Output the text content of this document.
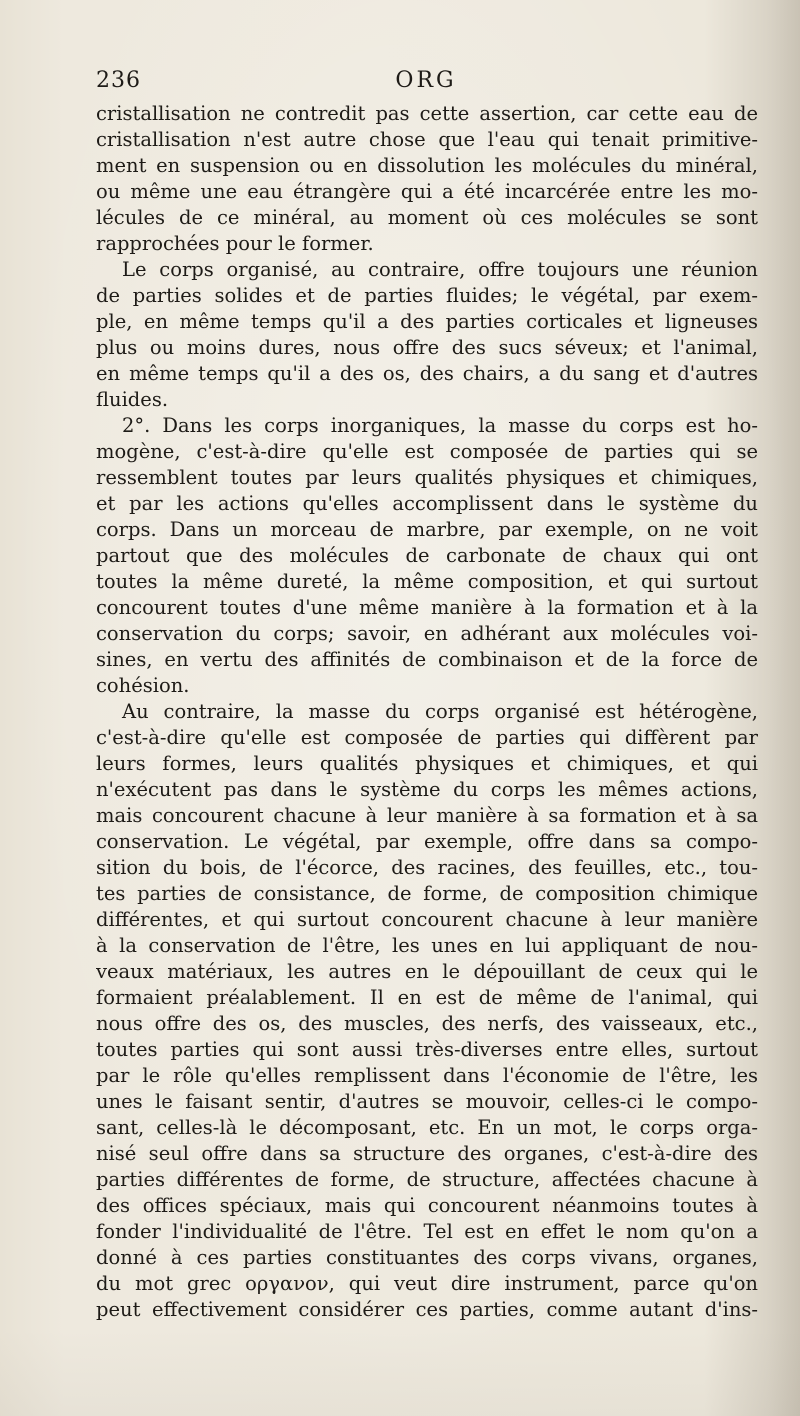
236	ORG
cristallisation ne contredit pas cette assertion, car cette eau de
cristallisation n'est autre chose que l'eau qui tenait primitive-
ment en suspension ou en dissolution les molécules du minéral,
ou même une eau étrangère qui a été incarcérée entre les mo-
lécules de ce minéral, au moment où ces molécules se sont
rapprochées pour le former.
Le corps organisé, au contraire, offre toujours une réunion
de parties solides et de parties fluides; le végétal, par exem-
ple, en même temps qu'il a des parties corticales et ligneuses
plus ou moins dures, nous offre des sucs séveux; et l'animal,
en même temps qu'il a des os, des chairs, a du sang et d'autres
fluides.
2°. Dans les corps inorganiques, la masse du corps est ho-
mogène, c'est-à-dire qu'elle est composée de parties qui se
ressemblent toutes par leurs qualités physiques et chimiques,
et par les actions qu'elles accomplissent dans le système du
corps. Dans un morceau de marbre, par exemple, on ne voit
partout que des molécules de carbonate de chaux qui ont
toutes la même dureté, la même composition, et qui surtout
concourent toutes d'une même manière à la formation et à la
conservation du corps; savoir, en adhérant aux molécules voi-
sines, en vertu des affinités de combinaison et de la force de
cohésion.
Au contraire, la masse du corps organisé est hétérogène,
c'est-à-dire qu'elle est composée de parties qui diffèrent par
leurs formes, leurs qualités physiques et chimiques, et qui
n'exécutent pas dans le système du corps les mêmes actions,
mais concourent chacune à leur manière à sa formation et à sa
conservation. Le végétal, par exemple, offre dans sa compo-
sition du bois, de l'écorce, des racines, des feuilles, etc., tou-
tes parties de consistance, de forme, de composition chimique
différentes, et qui surtout concourent chacune à leur manière
à la conservation de l'être, les unes en lui appliquant de nou-
veaux matériaux, les autres en le dépouillant de ceux qui le
formaient préalablement. Il en est de même de l'animal, qui
nous offre des os, des muscles, des nerfs, des vaisseaux, etc.,
toutes parties qui sont aussi très-diverses entre elles, surtout
par le rôle qu'elles remplissent dans l'économie de l'être, les
unes le faisant sentir, d'autres se mouvoir, celles-ci le compo-
sant, celles-là le décomposant, etc. En un mot, le corps orga-
nisé seul offre dans sa structure des organes, c'est-à-dire des
parties différentes de forme, de structure, affectées chacune à
des offices spéciaux, mais qui concourent néanmoins toutes à
fonder l'individualité de l'être. Tel est en effet le nom qu'on a
donné à ces parties constituantes des corps vivans, organes,
du mot grec οργανον, qui veut dire instrument, parce qu'on
peut effectivement considérer ces parties, comme autant d'ins-
